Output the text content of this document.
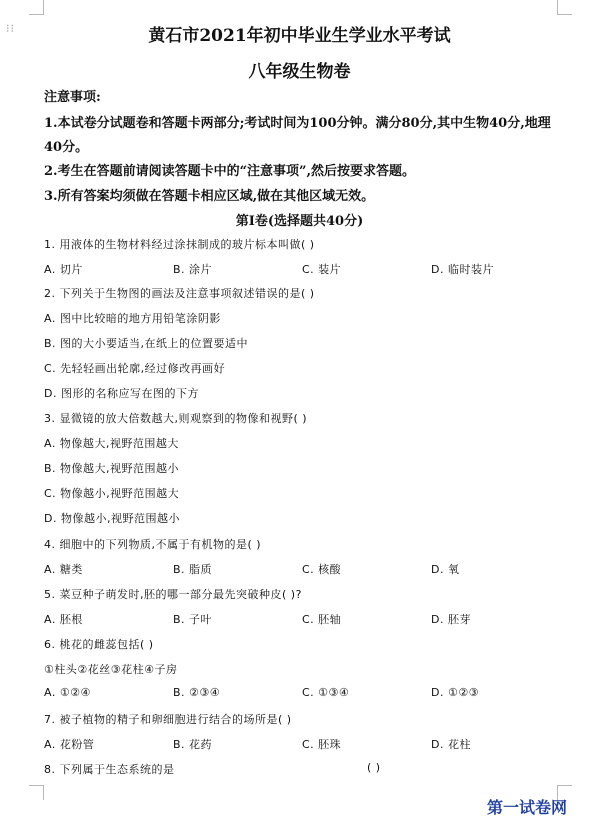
⁝⁝	黄石市2021年初中毕业生学业水平考试
八年级生物卷
注意事项:
1.本试卷分试题卷和答题卡两部分;考试时间为100分钟。满分80分,其中生物40分,地理
40分。
2.考生在答题前请阅读答题卡中的“注意事项”,然后按要求答题。
3.所有答案均须做在答题卡相应区域,做在其他区域无效。
第Ⅰ卷(选择题共40分)
1. 用液体的生物材料经过涂抹制成的玻片标本叫做( )
A. 切片	B. 涂片	C. 装片	D. 临时装片
2. 下列关于生物图的画法及注意事项叙述错误的是( )
A. 图中比较暗的地方用铅笔涂阴影
B. 图的大小要适当,在纸上的位置要适中
C. 先轻轻画出轮廓,经过修改再画好
D. 图形的名称应写在图的下方
3. 显微镜的放大倍数越大,则观察到的物像和视野( )
A. 物像越大,视野范围越大
B. 物像越大,视野范围越小
C. 物像越小,视野范围越大
D. 物像越小,视野范围越小
4. 细胞中的下列物质,不属于有机物的是( )
A. 糖类	B. 脂质	C. 核酸	D. 氧
5. 菜豆种子萌发时,胚的哪一部分最先突破种皮( )?
A. 胚根	B. 子叶	C. 胚轴	D. 胚芽
6. 桃花的雌蕊包括( )
①柱头②花丝③花柱④子房
A. ①②④	B. ②③④	C. ①③④	D. ①②③
7. 被子植物的精子和卵细胞进行结合的场所是( )
A. 花粉管	B. 花药	C. 胚珠	D. 花柱
8. 下列属于生态系统的是	( )
第一试卷网
